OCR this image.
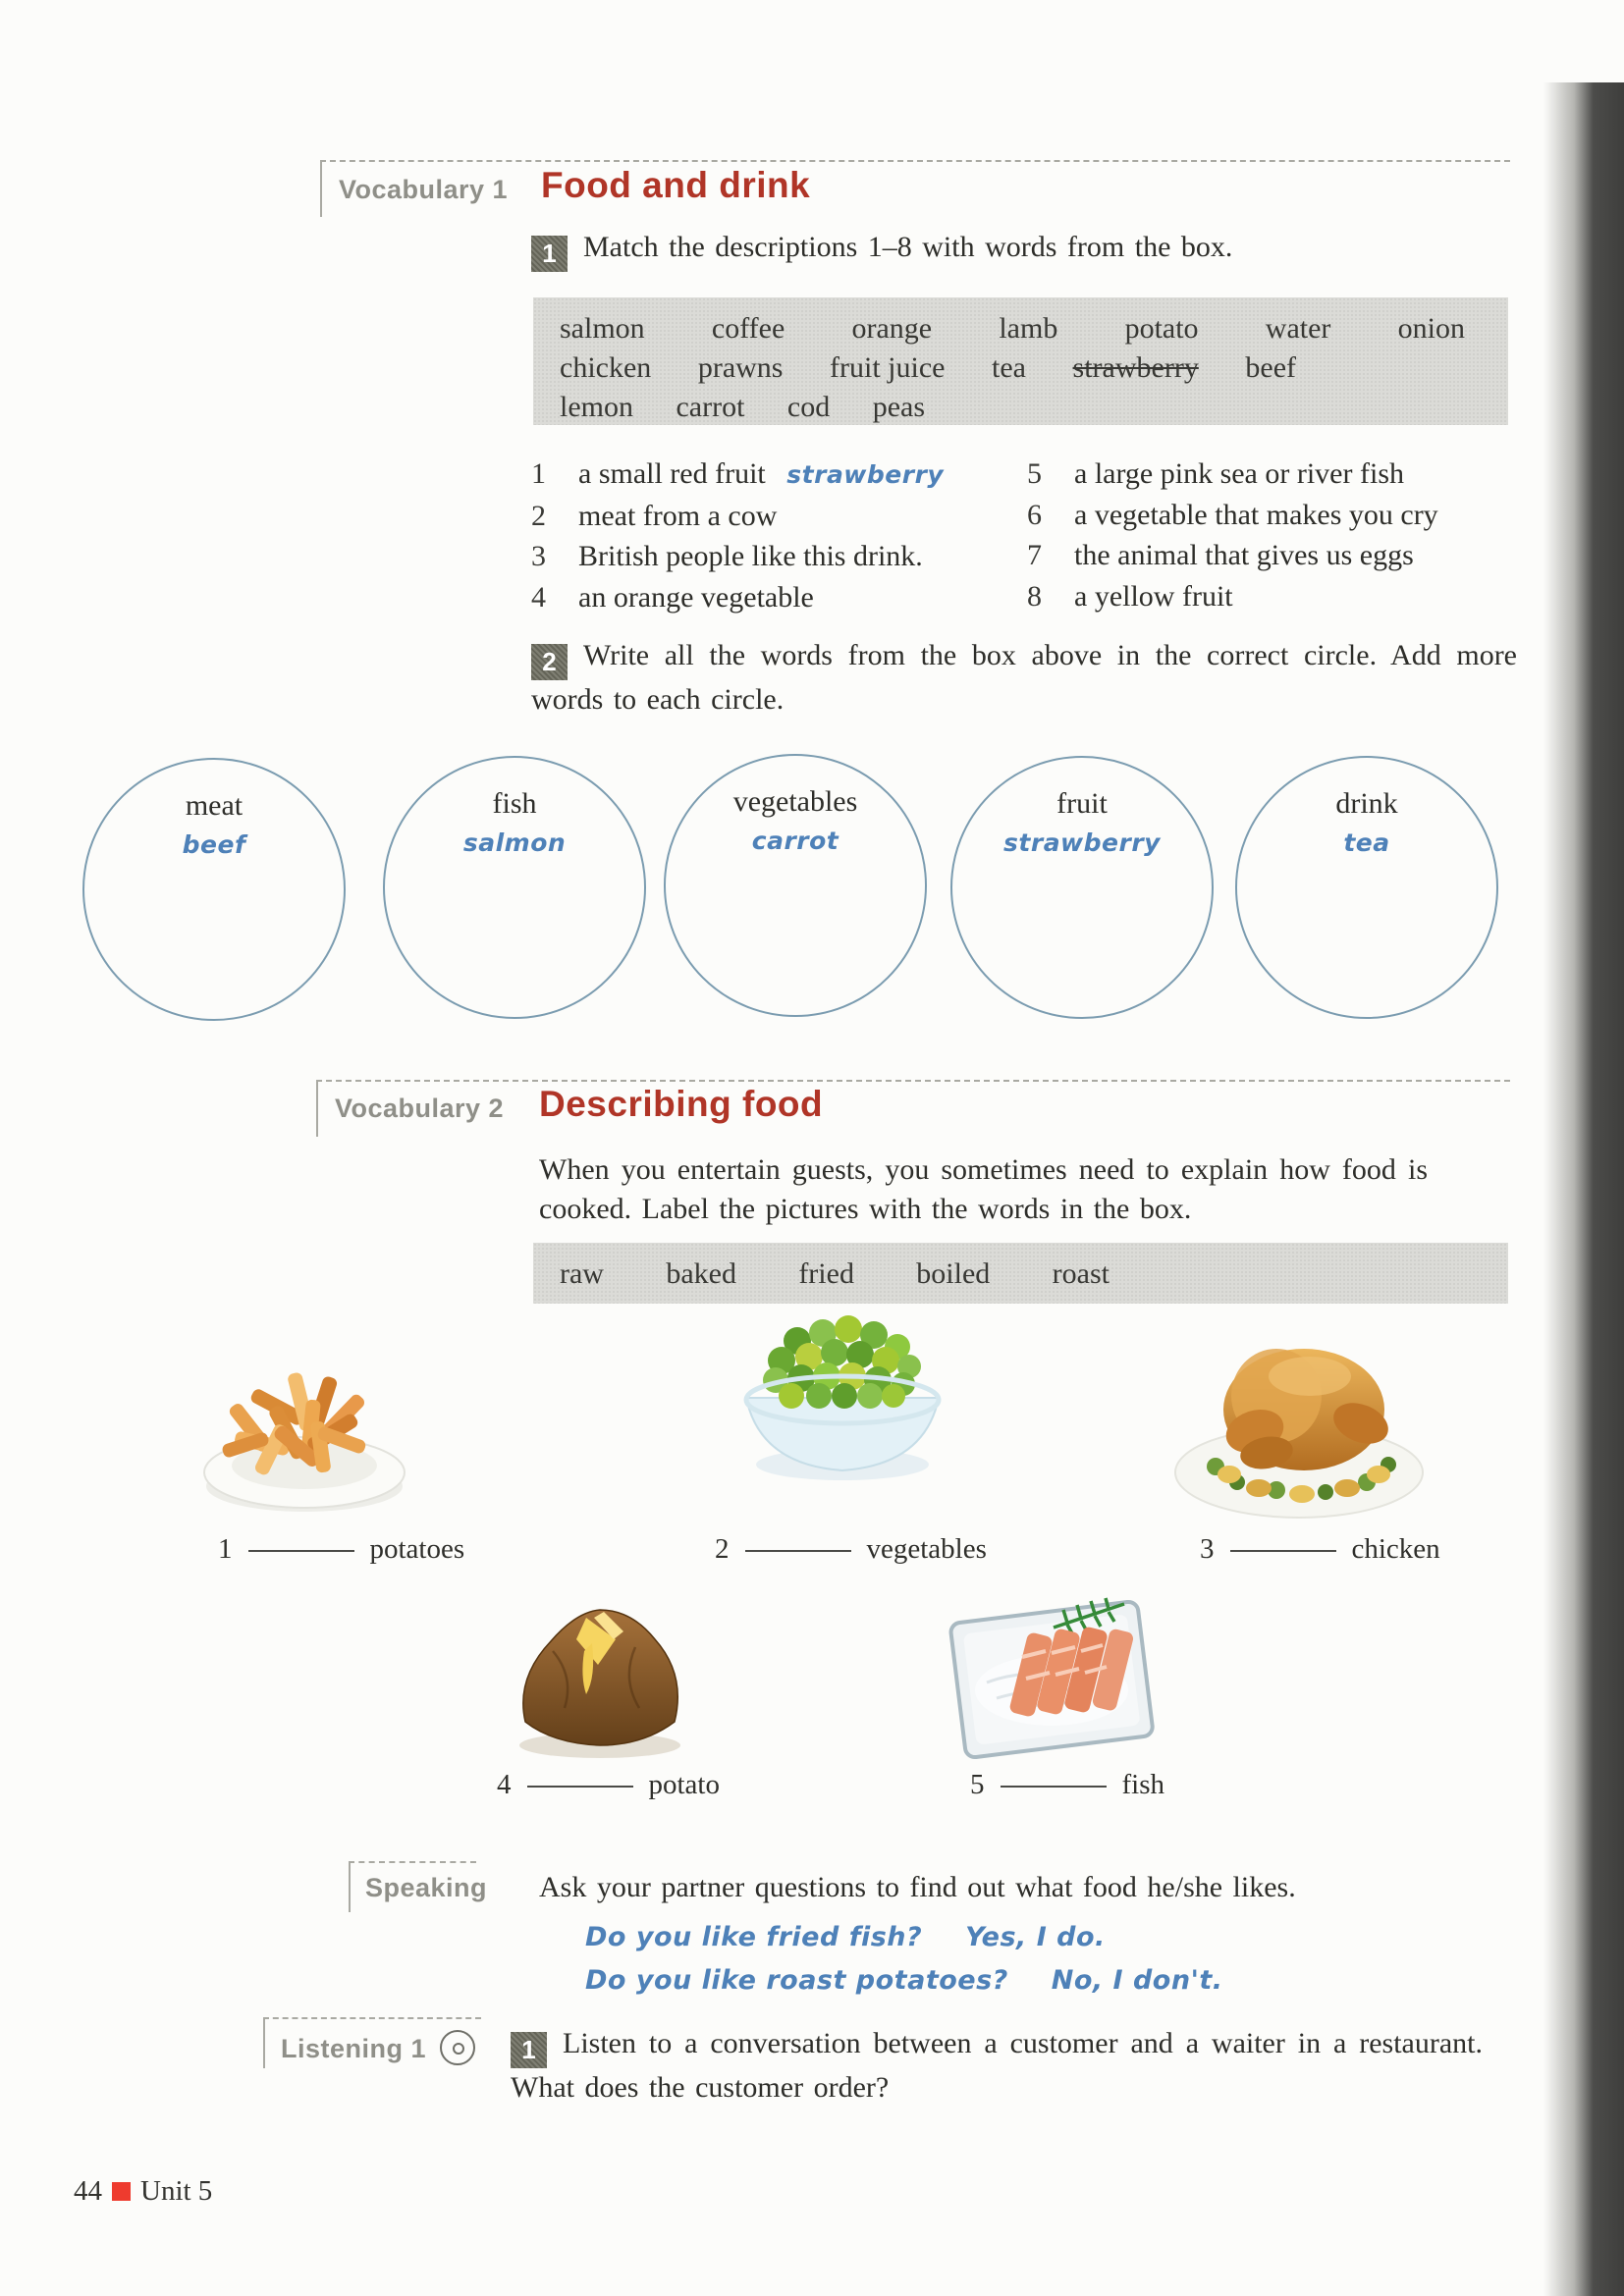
Vocabulary 1 Food and drink
1 Match the descriptions 1–8 with words from the box.
salmon coffee orange lamb potato water onion
chicken prawns fruit juice tea strawberry beef
lemon carrot cod peas
1 a small red fruit strawberry
2 meat from a cow
3 British people like this drink.
4 an orange vegetable
5 a large pink sea or river fish
6 a vegetable that makes you cry
7 the animal that gives us eggs
8 a yellow fruit
2 Write all the words from the box above in the correct circle. Add more words to each circle.
meat
beef
fish
salmon
vegetables
carrot
fruit
strawberry
drink
tea
Vocabulary 2 Describing food
When you entertain guests, you sometimes need to explain how food is cooked. Label the pictures with the words in the box.
raw baked fried boiled roast
1	potatoes	2	vegetables	3	chicken
4	potato	5	fish
Speaking Ask your partner questions to find out what food he/she likes.
Do you like fried fish? Yes, I do.
Do you like roast potatoes? No, I don't.
Listening 1	1 Listen to a conversation between a customer and a waiter in a restaurant. What does the customer order?
44 Unit 5
